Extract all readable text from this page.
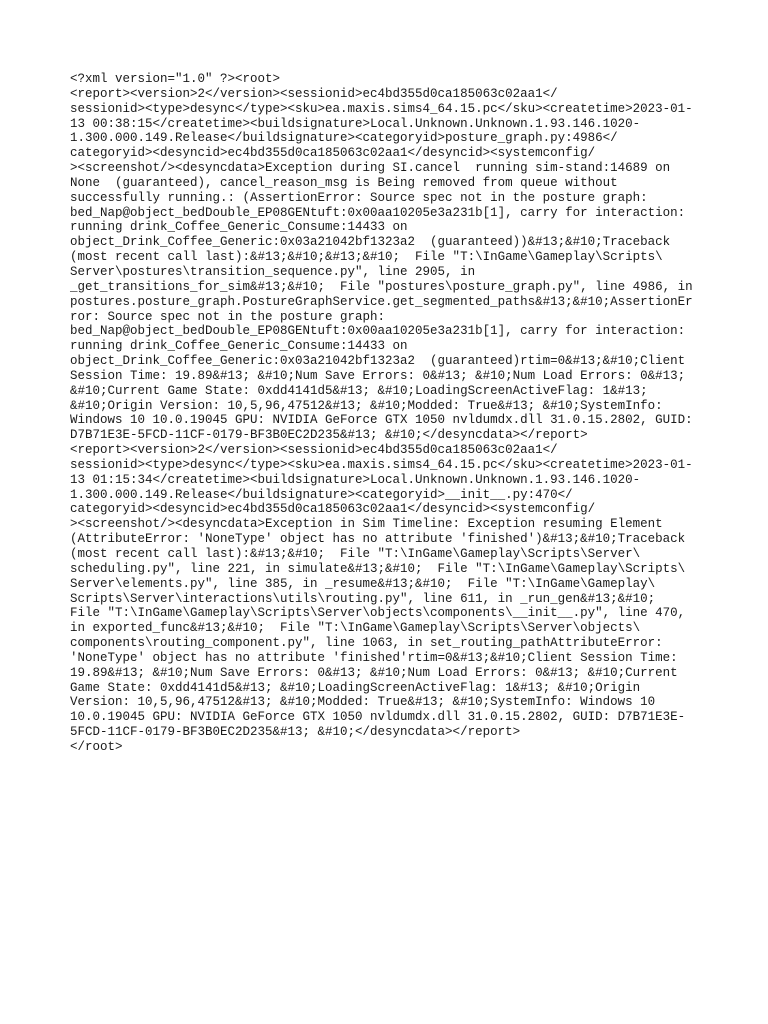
<?xml version="1.0" ?><root>
<report><version>2</version><sessionid>ec4bd355d0ca185063c02aa1</
sessionid><type>desync</type><sku>ea.maxis.sims4_64.15.pc</sku><createtime>2023-01-
13 00:38:15</createtime><buildsignature>Local.Unknown.Unknown.1.93.146.1020-
1.300.000.149.Release</buildsignature><categoryid>posture_graph.py:4986</
categoryid><desyncid>ec4bd355d0ca185063c02aa1</desyncid><systemconfig/
><screenshot/><desyncdata>Exception during SI.cancel  running sim-stand:14689 on
None  (guaranteed), cancel_reason_msg is Being removed from queue without
successfully running.: (AssertionError: Source spec not in the posture graph:
bed_Nap@object_bedDouble_EP08GENtuft:0x00aa10205e3a231b[1], carry for interaction:
running drink_Coffee_Generic_Consume:14433 on
object_Drink_Coffee_Generic:0x03a21042bf1323a2  (guaranteed))&#13;&#10;Traceback
(most recent call last):&#13;&#10;&#13;&#10;  File "T:\InGame\Gameplay\Scripts\
Server\postures\transition_sequence.py", line 2905, in
_get_transitions_for_sim&#13;&#10;  File "postures\posture_graph.py", line 4986, in
postures.posture_graph.PostureGraphService.get_segmented_paths&#13;&#10;AssertionEr
ror: Source spec not in the posture graph:
bed_Nap@object_bedDouble_EP08GENtuft:0x00aa10205e3a231b[1], carry for interaction:
running drink_Coffee_Generic_Consume:14433 on
object_Drink_Coffee_Generic:0x03a21042bf1323a2  (guaranteed)rtim=0&#13;&#10;Client
Session Time: 19.89&#13; &#10;Num Save Errors: 0&#13; &#10;Num Load Errors: 0&#13;
&#10;Current Game State: 0xdd4141d5&#13; &#10;LoadingScreenActiveFlag: 1&#13;
&#10;Origin Version: 10,5,96,47512&#13; &#10;Modded: True&#13; &#10;SystemInfo:
Windows 10 10.0.19045 GPU: NVIDIA GeForce GTX 1050 nvldumdx.dll 31.0.15.2802, GUID:
D7B71E3E-5FCD-11CF-0179-BF3B0EC2D235&#13; &#10;</desyncdata></report>
<report><version>2</version><sessionid>ec4bd355d0ca185063c02aa1</
sessionid><type>desync</type><sku>ea.maxis.sims4_64.15.pc</sku><createtime>2023-01-
13 01:15:34</createtime><buildsignature>Local.Unknown.Unknown.1.93.146.1020-
1.300.000.149.Release</buildsignature><categoryid>__init__.py:470</
categoryid><desyncid>ec4bd355d0ca185063c02aa1</desyncid><systemconfig/
><screenshot/><desyncdata>Exception in Sim Timeline: Exception resuming Element
(AttributeError: 'NoneType' object has no attribute 'finished')&#13;&#10;Traceback
(most recent call last):&#13;&#10;  File "T:\InGame\Gameplay\Scripts\Server\
scheduling.py", line 221, in simulate&#13;&#10;  File "T:\InGame\Gameplay\Scripts\
Server\elements.py", line 385, in _resume&#13;&#10;  File "T:\InGame\Gameplay\
Scripts\Server\interactions\utils\routing.py", line 611, in _run_gen&#13;&#10;
File "T:\InGame\Gameplay\Scripts\Server\objects\components\__init__.py", line 470,
in exported_func&#13;&#10;  File "T:\InGame\Gameplay\Scripts\Server\objects\
components\routing_component.py", line 1063, in set_routing_pathAttributeError:
'NoneType' object has no attribute 'finished'rtim=0&#13;&#10;Client Session Time:
19.89&#13; &#10;Num Save Errors: 0&#13; &#10;Num Load Errors: 0&#13; &#10;Current
Game State: 0xdd4141d5&#13; &#10;LoadingScreenActiveFlag: 1&#13; &#10;Origin
Version: 10,5,96,47512&#13; &#10;Modded: True&#13; &#10;SystemInfo: Windows 10
10.0.19045 GPU: NVIDIA GeForce GTX 1050 nvldumdx.dll 31.0.15.2802, GUID: D7B71E3E-
5FCD-11CF-0179-BF3B0EC2D235&#13; &#10;</desyncdata></report>
</root>
